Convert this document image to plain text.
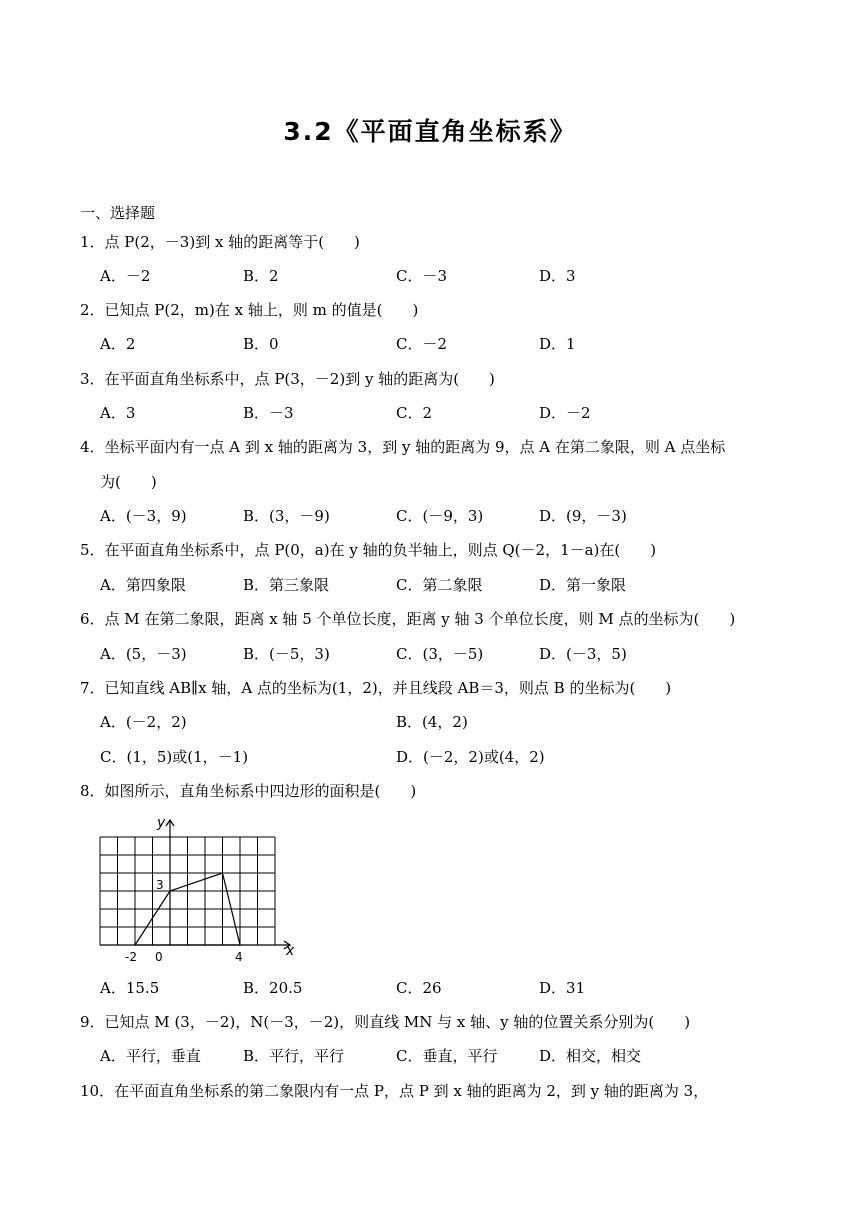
3.2《平面直角坐标系》
一、选择题
1．点 P(2，－3)到 x 轴的距离等于(　　)
A．－2	B．2	C．－3	D．3
2．已知点 P(2，m)在 x 轴上，则 m 的值是(　　)
A．2	B．0	C．－2	D．1
3．在平面直角坐标系中，点 P(3，－2)到 y 轴的距离为(　　)
A．3	B．－3	C．2	D．－2
4．坐标平面内有一点 A 到 x 轴的距离为 3，到 y 轴的距离为 9，点 A 在第二象限，则 A 点坐标
为(　　)
A．(－3，9)	B．(3，－9)	C．(－9，3)	D．(9，－3)
5．在平面直角坐标系中，点 P(0，a)在 y 轴的负半轴上，则点 Q(－2，1－a)在(　　)
A．第四象限	B．第三象限	C．第二象限	D．第一象限
6．点 M 在第二象限，距离 x 轴 5 个单位长度，距离 y 轴 3 个单位长度，则 M 点的坐标为(　　)
A．(5，－3)	B．(－5，3)	C．(3，－5)	D．(－3，5)
7．已知直线 AB∥x 轴，A 点的坐标为(1，2)，并且线段 AB＝3，则点 B 的坐标为(　　)
A．(－2，2)	B．(4，2)
C．(1，5)或(1，－1)	D．(－2，2)或(4，2)
8．如图所示，直角坐标系中四边形的面积是(　　)
y
x
-2 0	4
3
A．15.5	B．20.5	C．26	D．31
9．已知点 M (3，－2)，N(－3，－2)，则直线 MN 与 x 轴、y 轴的位置关系分别为(　　)
A．平行，垂直	B．平行，平行	C．垂直，平行	D．相交，相交
10．在平面直角坐标系的第二象限内有一点 P，点 P 到 x 轴的距离为 2，到 y 轴的距离为 3，
